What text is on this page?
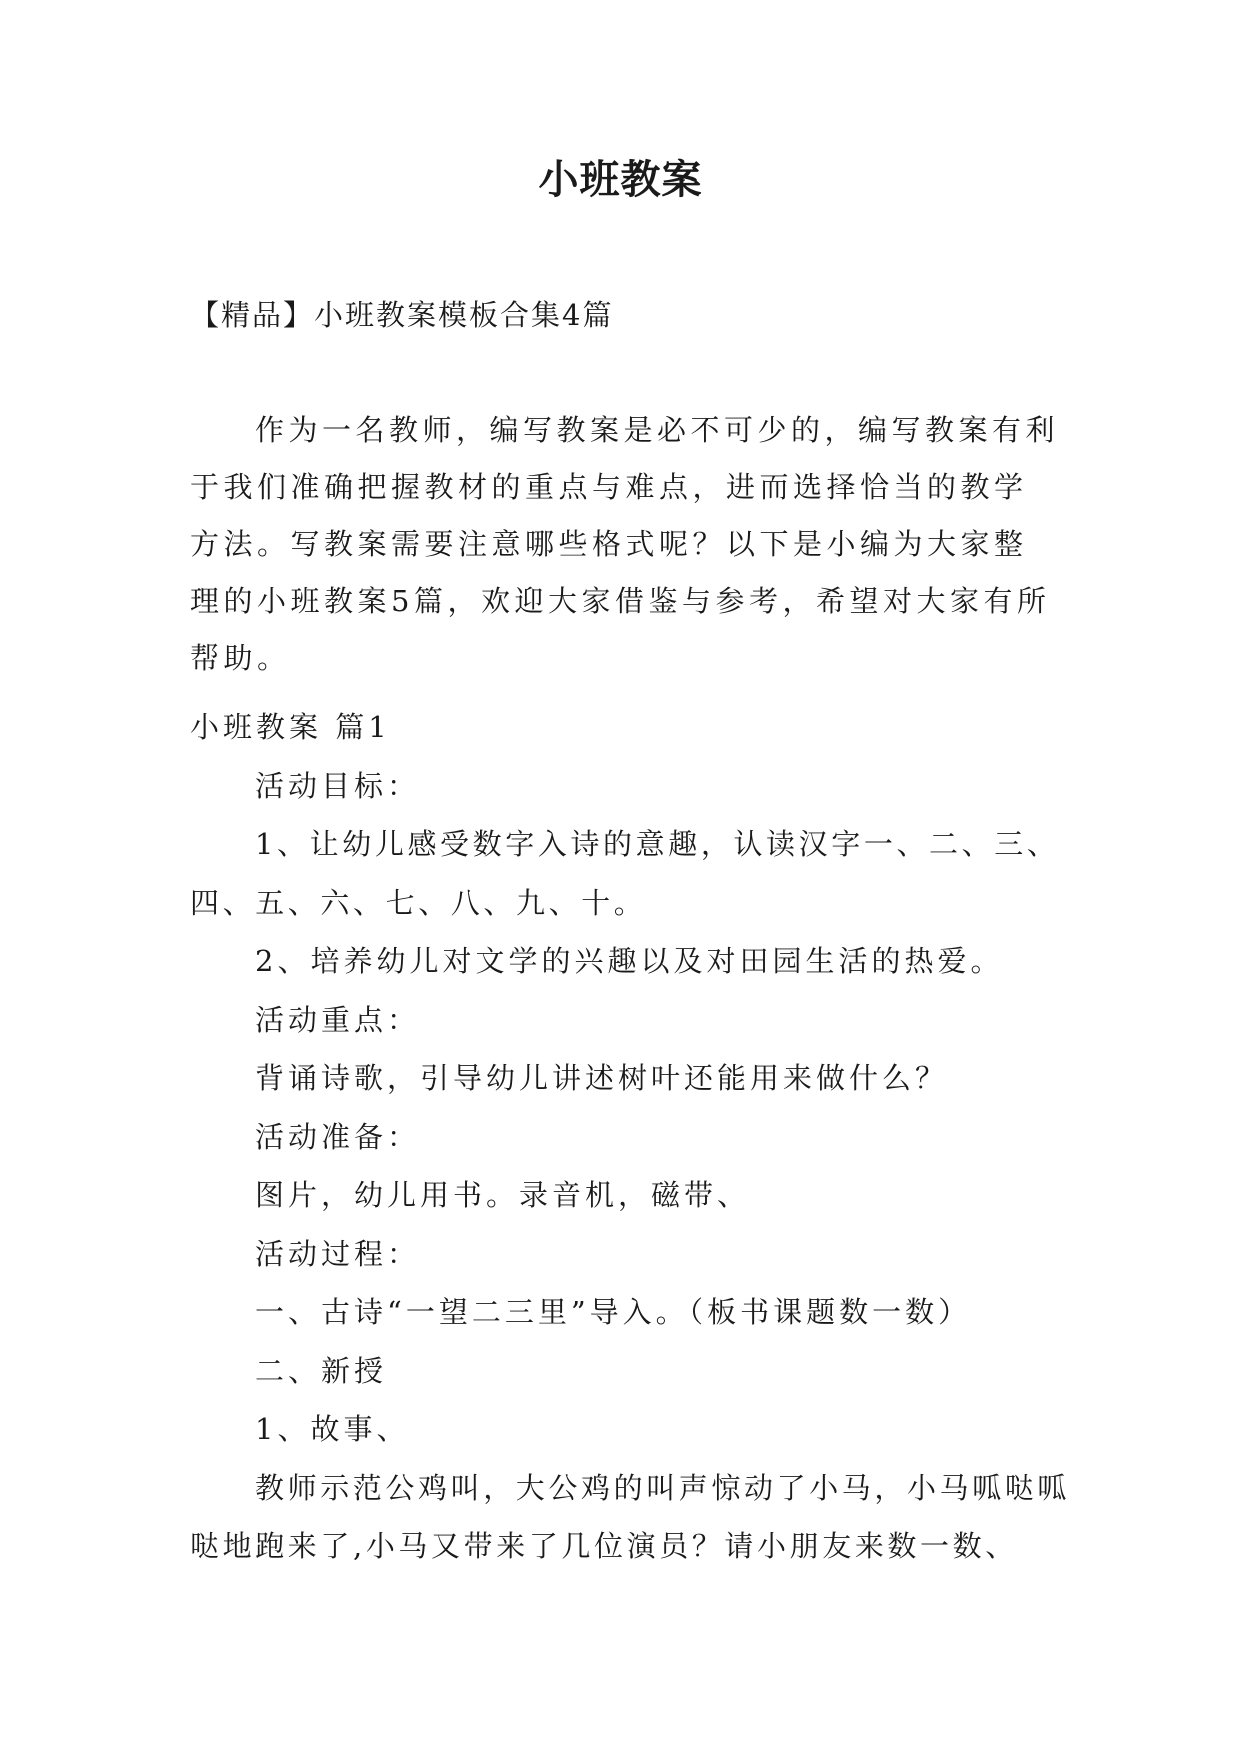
小班教案
【精品】小班教案模板合集4篇

作为一名教师，编写教案是必不可少的，编写教案有利于我们准确把握教材的重点与难点，进而选择恰当的教学方法。写教案需要注意哪些格式呢？以下是小编为大家整理的小班教案5篇，欢迎大家借鉴与参考，希望对大家有所帮助。

小班教案 篇1

活动目标：

1、让幼儿感受数字入诗的意趣，认读汉字一、二、三、四、五、六、七、八、九、十。

2、培养幼儿对文学的兴趣以及对田园生活的热爱。

活动重点：

背诵诗歌，引导幼儿讲述树叶还能用来做什么？

活动准备：

图片，幼儿用书。录音机，磁带、

活动过程：

一、古诗“一望二三里”导入。（板书课题数一数）

二、新授

1、故事、

教师示范公鸡叫，大公鸡的叫声惊动了小马，小马呱哒呱哒地跑来了,小马又带来了几位演员？请小朋友来数一数、
